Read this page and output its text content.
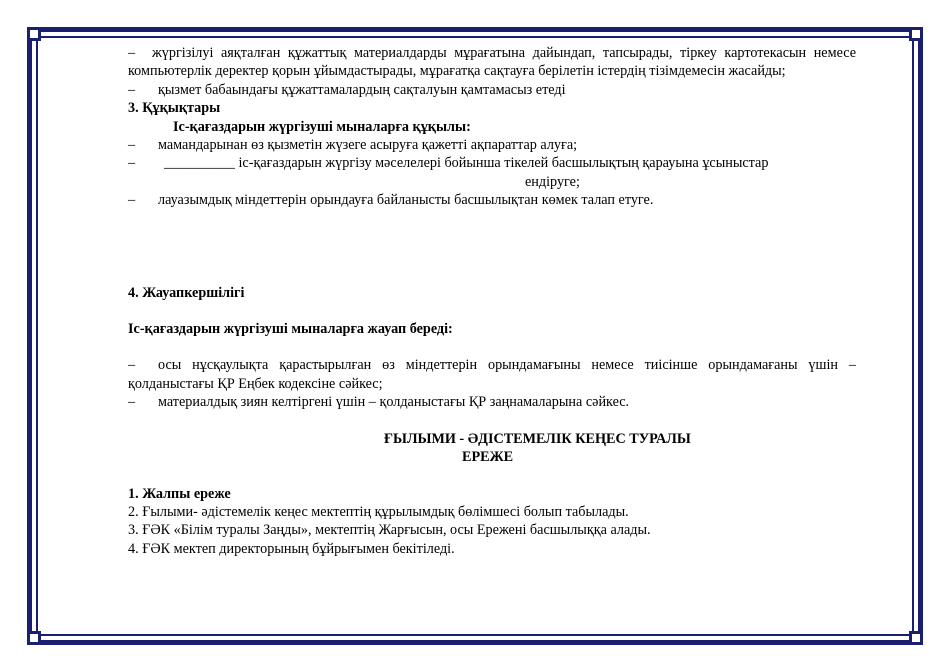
– жүргізілуі аяқталған құжаттық материалдарды мұрағатына дайындап, тапсырады, тіркеу картотекасын немесе компьютерлік деректер қорын ұйымдастырады, мұрағатқа сақтауға берілетін істердің тізімдемесін жасайды;

– қызмет бабаындағы құжаттамалардың сақталуын қамтамасыз етеді

3. Құқықтары

Іс-қағаздарын жүргізуші мыналарға құқылы:

– мамандарынан өз қызметін жүзеге асыруға қажетті ақпараттар алуға;

– __________ іс-қағаздарын жүргізу мәселелері бойынша тікелей басшылықтың қарауына ұсыныстар

ендіруге;

– лауазымдық міндеттерін орындауға байланысты басшылықтан көмек талап етуге.

4. Жауапкершілігі

Іс-қағаздарын жүргізуші мыналарға жауап береді:

– осы нұсқаулықта қарастырылған өз міндеттерін орындамағыны немесе тиісінше орындамағаны үшін – қолданыстағы ҚР Еңбек кодексіне сәйкес;

– материалдық зиян келтіргені үшін – қолданыстағы ҚР заңнамаларына сәйкес.

ҒЫЛЫМИ - ӘДІСТЕМЕЛІК КЕҢЕС ТУРАЛЫ

ЕРЕЖЕ

1. Жалпы ереже

2. Ғылыми- әдістемелік кеңес мектептің құрылымдық бөлімшесі болып табылады.

3. ҒӘК «Білім туралы Заңды», мектептің Жарғысын, осы Ережені басшылыққа алады.

4. ҒӘК мектеп директорының бұйрығымен бекітіледі.
